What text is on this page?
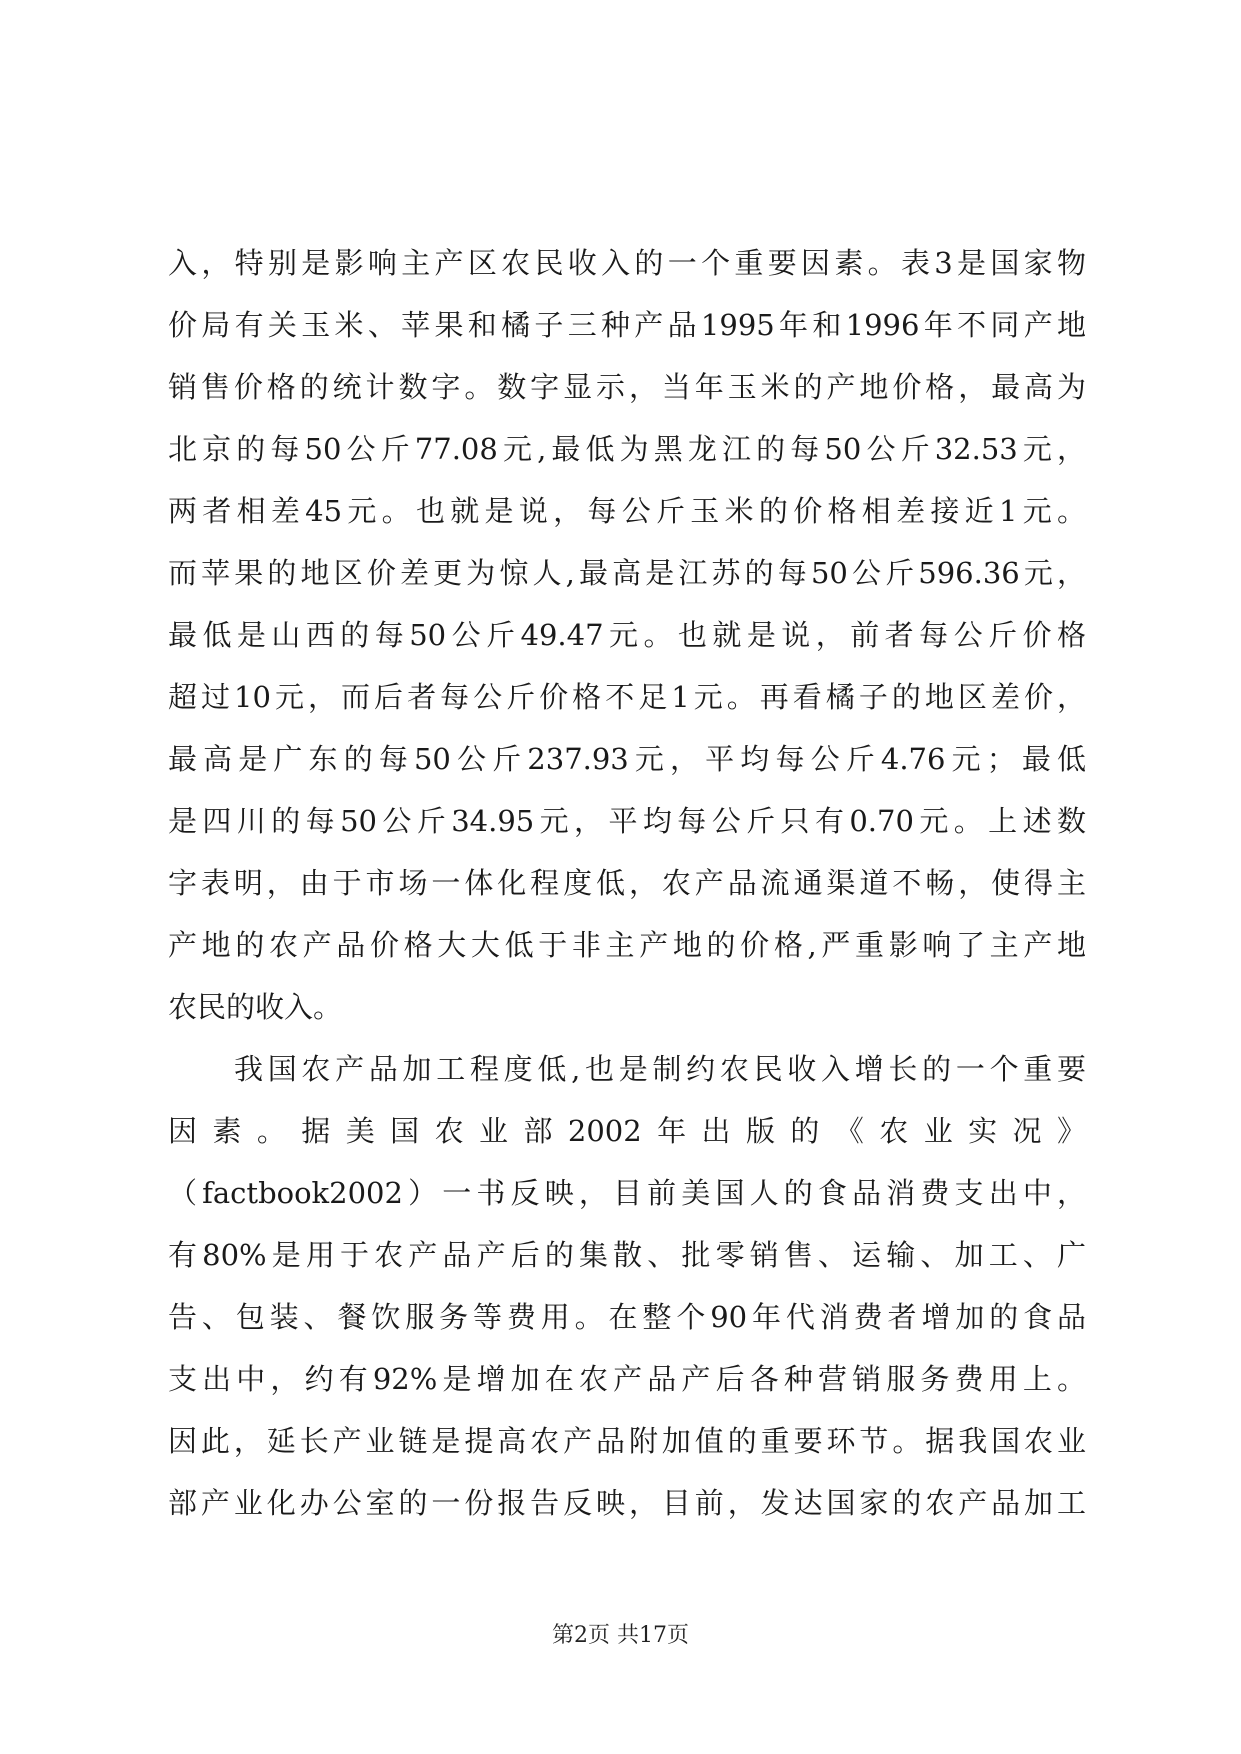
入，特别是影响主产区农民收入的一个重要因素。表3是国家物
价局有关玉米、苹果和橘子三种产品1995年和1996年不同产地
销售价格的统计数字。数字显示，当年玉米的产地价格，最高为
北京的每50公斤77.08元,最低为黑龙江的每50公斤32.53元，
两者相差45元。也就是说，每公斤玉米的价格相差接近1元。
而苹果的地区价差更为惊人,最高是江苏的每50公斤596.36元，
最低是山西的每50公斤49.47元。也就是说，前者每公斤价格
超过10元，而后者每公斤价格不足1元。再看橘子的地区差价，
最高是广东的每50公斤237.93元，平均每公斤4.76元；最低
是四川的每50公斤34.95元，平均每公斤只有0.70元。上述数
字表明，由于市场一体化程度低，农产品流通渠道不畅，使得主
产地的农产品价格大大低于非主产地的价格,严重影响了主产地
农民的收入。
我国农产品加工程度低,也是制约农民收入增长的一个重要
因素。据美国农业部2002年出版的《农业实况》
（factbook2002）一书反映，目前美国人的食品消费支出中，
有80%是用于农产品产后的集散、批零销售、运输、加工、广
告、包装、餐饮服务等费用。在整个90年代消费者增加的食品
支出中，约有92%是增加在农产品产后各种营销服务费用上。
因此，延长产业链是提高农产品附加值的重要环节。据我国农业
部产业化办公室的一份报告反映，目前，发达国家的农产品加工
第2页 共17页
